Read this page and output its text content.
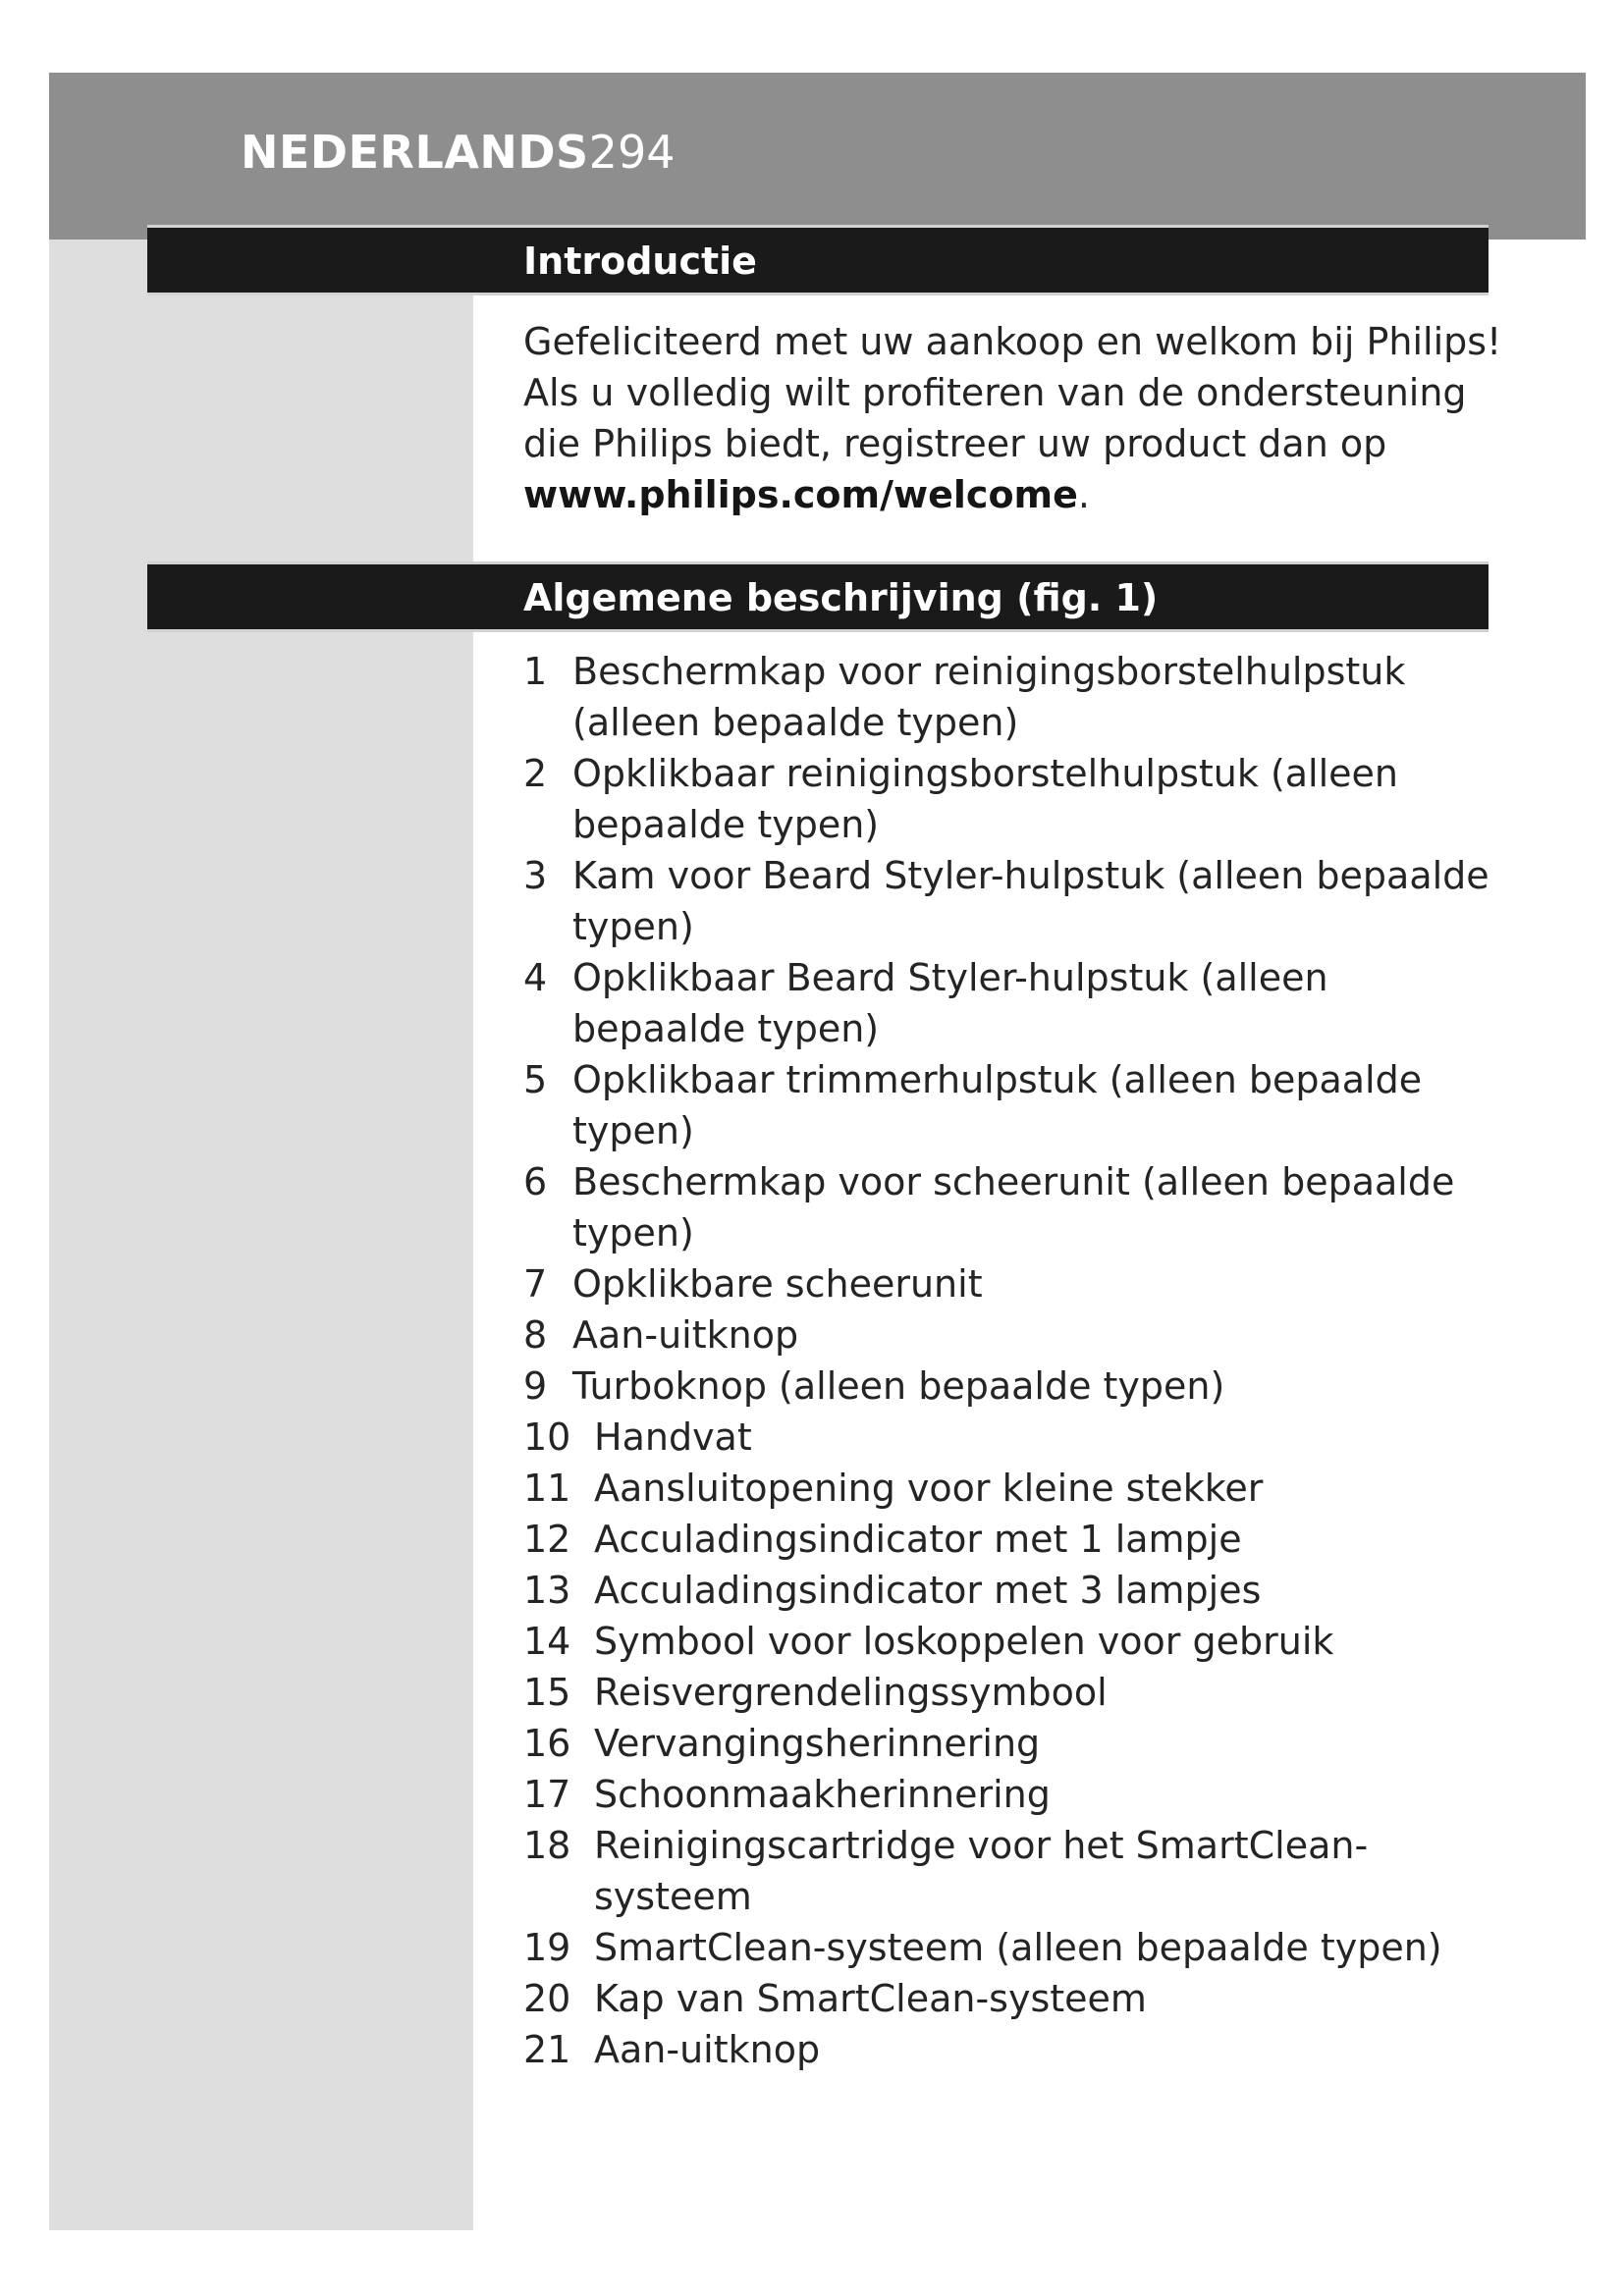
NEDERLANDS294
Introductie

Gefeliciteerd met uw aankoop en welkom bij Philips! Als u volledig wilt profiteren van de ondersteuning die Philips biedt, registreer uw product dan op www.philips.com/welcome.

Algemene beschrijving (fig. 1)
1 Beschermkap voor reinigingsborstelhulpstuk (alleen bepaalde typen)
2 Opklikbaar reinigingsborstelhulpstuk (alleen bepaalde typen)
3 Kam voor Beard Styler-hulpstuk (alleen bepaalde typen)
4 Opklikbaar Beard Styler-hulpstuk (alleen bepaalde typen)
5 Opklikbaar trimmerhulpstuk (alleen bepaalde typen)
6 Beschermkap voor scheerunit (alleen bepaalde typen)
7 Opklikbare scheerunit
8 Aan-uitknop
9 Turboknop (alleen bepaalde typen)
10 Handvat
11 Aansluitopening voor kleine stekker
12 Acculadingsindicator met 1 lampje
13 Acculadingsindicator met 3 lampjes
14 Symbool voor loskoppelen voor gebruik
15 Reisvergrendelingssymbool
16 Vervangingsherinnering
17 Schoonmaakherinnering
18 Reinigingscartridge voor het SmartClean-systeem
19 SmartClean-systeem (alleen bepaalde typen)
20 Kap van SmartClean-systeem
21 Aan-uitknop
